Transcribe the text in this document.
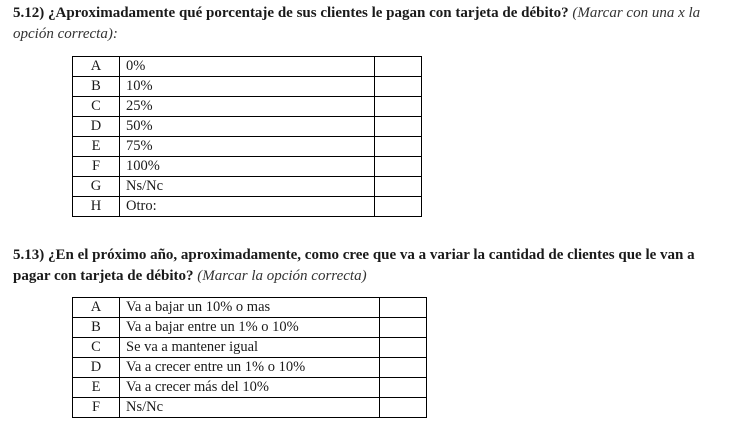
5.12) ¿Aproximadamente qué porcentaje de sus clientes le pagan con tarjeta de débito? (Marcar con una x la opción correcta):
A	0%	
B	10%	
C	25%	
D	50%	
E	75%	
F	100%	
G	Ns/Nc	
H	Otro:	
5.13) ¿En el próximo año, aproximadamente, como cree que va a variar la cantidad de clientes que le van a pagar con tarjeta de débito? (Marcar la opción correcta)
A	Va a bajar un 10% o mas	
B	Va a bajar entre un 1% o 10%	
C	Se va a mantener igual	
D	Va a crecer entre un 1% o 10%	
E	Va a crecer más del 10%	
F	Ns/Nc	
